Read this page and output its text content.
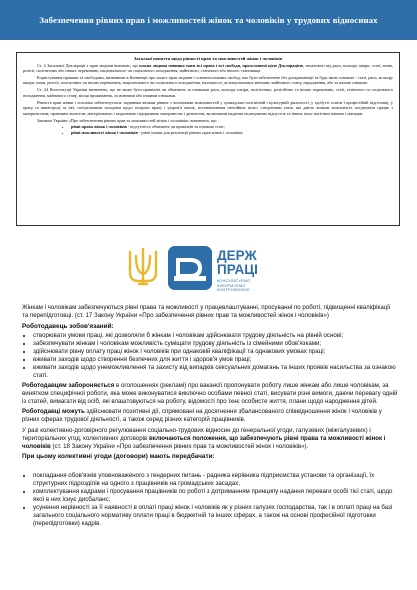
Забезпечення рівних прав і можливостей жінок та чоловіків у трудових відносинах
Загальні поняття щодо рівності прав та можливостей жінок і чоловіків

Ст. 2 Загальної Декларації з прав людини визначає, що кожна людина повинна мати всі права і всі свободи, проголошені цією Декларацією, незалежно від раси, кольору шкіри, статі, мови, релігії, політичних або інших переконань, національного чи соціального походження, майнового, станового або іншого становища.

Користування правами та свободами, визнаними в Конвенції про захист прав людини і основоположних свобод, має бути забезпечене без дискримінації за будь-якою ознакою - статі, раси, кольору шкіри, мови, релігії, політичних чи інших переконань, національного чи соціального походження, належності до національних меншин, майнового стану, народження, або за іншою ознакою.

Ст. 24 Конституції України визначено, що не може бути привілеїв чи обмежень за ознаками раси, кольору шкіри, політичних, релігійних та інших переконань, статі, етнічного та соціального походження, майнового стану, місця проживання, за мовними або іншими ознаками.

Рівність прав жінки і чоловіка забезпечується: наданням жінкам рівних з чоловіками можливостей у громадсько-політичній і культурній діяльності, у здобутті освіти і професійній підготовці, у праці та винагороді за неї; спеціальними заходами щодо охорони праці і здоров'я жінок, встановленням пенсійних пільг; створенням умов, які дають жінкам можливість поєднувати працю з материнством; правовим захистом, матеріальною і моральною підтримкою материнства і дитинства, включаючи надання оплачуваних відпусток та інших пільг вагітним жінкам і матерям.

Законом України «Про забезпечення рівних прав та можливостей жінок і чоловіків» визначено, що:

• рівні права жінок і чоловіків - відсутність обмежень чи привілеїв за ознакою статі;
• рівні можливості жінок і чоловіків - рівні умови для реалізації рівних прав жінок і чоловіків.
ДЕРЖ
ПРАЦІ
КОНСУЛЬТУЄМО
ІНФОРМУЄМО
КОНТРОЛЮЄМО

Жінкам і чоловікам забезпечуються рівні права та можливості у працевлаштуванні, просуванні по роботі, підвищенні кваліфікації та перепідготовці. (ст. 17 Закону України «Про забезпечення рівних прав та можливостей жінок і чоловіків»)

Роботодавець зобов'язаний:
• створювати умови праці, які дозволяли б жінкам і чоловікам здійснювати трудову діяльність на рівній основі;
• забезпечувати жінкам і чоловікам можливість суміщати трудову діяльність із сімейними обов'язками;
• здійснювати рівну оплату праці жінок і чоловіків при однаковій кваліфікації та однакових умовах праці;
• вживати заходів щодо створення безпечних для життя і здоров'я умов праці;
• вживати заходів щодо унеможливлення та захисту від випадків сексуальних домагань та інших проявів насильства за ознакою статі.

Роботодавцям забороняється в оголошеннях (рекламі) про вакансії пропонувати роботу лише жінкам або лише чоловікам, за винятком специфічної роботи, яка може виконуватися виключно особами певної статі, висувати різні вимоги, даючи перевагу одній із статей, вимагати від осіб, які влаштовуються на роботу, відомості про їхнє особисте життя, плани щодо народження дітей.

Роботодавці можуть здійснювати позитивні дії, спрямовані на досягнення збалансованого співвідношення жінок і чоловіків у різних сферах трудової діяльності, а також серед різних категорій працівників.

У разі колективно-договірного регулювання соціально-трудових відносин до генеральної угоди, галузевих (міжгалузевих) і територіальних угод, колективних договорів включаються положення, що забезпечують рівні права та можливості жінок і чоловіків (ст. 18 Закону України «Про забезпечення рівних прав та можливостей жінок і чоловіків»).

При цьому колективні угоди (договори) мають передбачати:
• покладання обов'язків уповноваженого з гендерних питань - радника керівника підприємства установи та організації, їх структурних підрозділів на одного з працівників на громадських засадах;
• комплектування кадрами і просування працівників по роботі з дотриманням принципу надання переваги особі тієї статі, щодо якої в них існує дисбаланс;
• усунення нерівності за її наявності в оплаті праці жінок і чоловіків як у різних галузях господарства, так і в оплаті праці на базі загального соціального нормативу оплати праці в бюджетній та інших сферах, а також на основі професійної підготовки (перепідготовки) кадрів.
